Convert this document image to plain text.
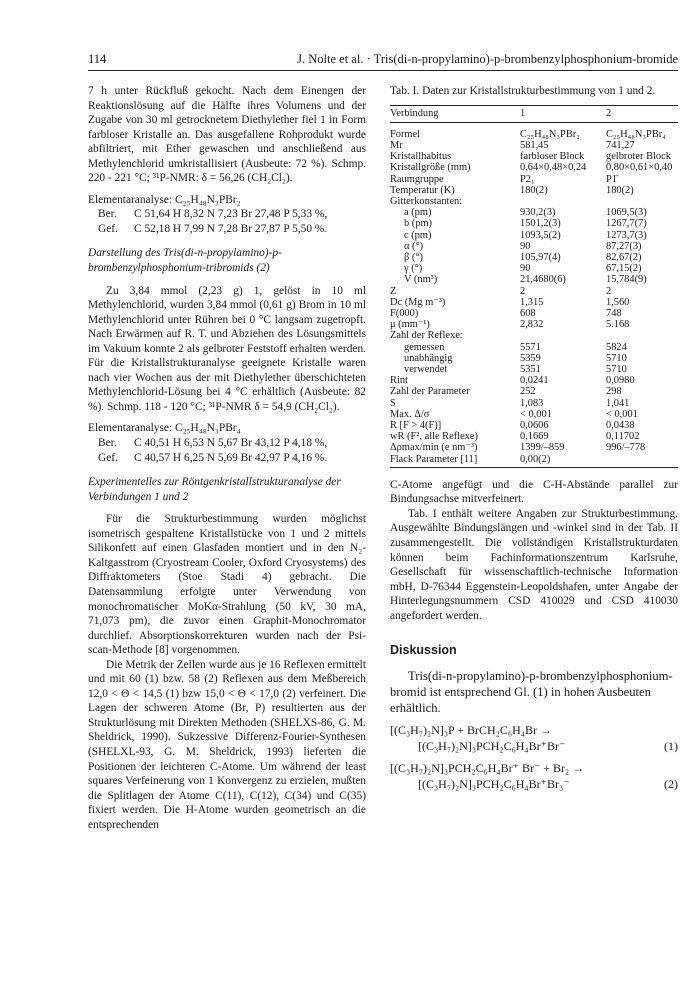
114	J. Nolte et al. · Tris(di-n-propylamino)-p-brombenzylphosphonium-bromide

7 h unter Rückfluß gekocht. Nach dem Einengen der Reaktionslösung auf die Hälfte ihres Volumens und der Zugabe von 30 ml getrocknetem Diethylether fiel 1 in Form farbloser Kristalle an. Das ausgefallene Rohprodukt wurde abfiltriert, mit Ether gewaschen und anschließend aus Methylenchlorid umkristallisiert (Ausbeute: 72 %). Schmp. 220 - 221 °C; ³¹P-NMR: δ = 56,26 (CH₂Cl₂).

Elementaranalyse: C₂₅H₄₈N₃PBr₂
Ber. C 51,64 H 8,32 N 7,23 Br 27,48 P 5,33 %,
Gef. C 52,18 H 7,99 N 7,28 Br 27,87 P 5,50 %.

Darstellung des Tris(di-n-propylamino)-p-brombenzylphosphonium-tribromids (2)

Zu 3,84 mmol (2,23 g) 1, gelöst in 10 ml Methylenchlorid, wurden 3,84 mmol (0,61 g) Brom in 10 ml Methylenchlorid unter Rühren bei 0 °C langsam zugetropft. Nach Erwärmen auf R. T. und Abziehen des Lösungsmittels im Vakuum konnte 2 als gelbroter Feststoff erhalten werden. Für die Kristallstrukturanalyse geeignete Kristalle waren nach vier Wochen aus der mit Diethylether überschichteten Methylenchlorid-Lösung bei 4 °C erhältlich (Ausbeute: 82 %). Schmp. 118 - 120 °C; ³¹P-NMR δ = 54,9 (CH₂Cl₂).

Elementaranalyse: C₂₅H₄₈N₃PBr₄
Ber. C 40,51 H 6,53 N 5,67 Br 43,12 P 4,18 %,
Gef. C 40,57 H 6,25 N 5,69 Br 42,97 P 4,16 %.

Experimentelles zur Röntgenkristallstrukturanalyse der Verbindungen 1 und 2

Für die Strukturbestimmung wurden möglichst isometrisch gespaltene Kristallstücke von 1 und 2 mittels Silikonfett auf einen Glasfaden montiert und in den N₂-Kaltgasstrom (Cryostream Cooler, Oxford Cryosystems) des Diffraktometers (Stoe Stadi 4) gebracht. Die Datensammlung erfolgte unter Verwendung von monochromatischer MoKα-Strahlung (50 kV, 30 mA, 71,073 pm), die zuvor einen Graphit-Monochromator durchlief. Absorptionskorrekturen wurden nach der Psi-scan-Methode [8] vorgenommen.

Die Metrik der Zellen wurde aus je 16 Reflexen ermittelt und mit 60 (1) bzw. 58 (2) Reflexen aus dem Meßbereich 12,0 < Θ < 14,5 (1) bzw 15,0 < Θ < 17,0 (2) verfeinert. Die Lagen der schweren Atome (Br, P) resultierten aus der Strukturlösung mit Direkten Methoden (SHELXS-86, G. M. Sheldrick, 1990). Sukzessive Differenz-Fourier-Synthesen (SHELXL-93, G. M. Sheldrick, 1993) lieferten die Positionen der leichteren C-Atome. Um während der least squares Verfeinerung von 1 Konvergenz zu erzielen, mußten die Splitlagen der Atome C(11), C(12), C(34) und C(35) fixiert werden. Die H-Atome wurden geometrisch an die entsprechenden

Tab. I. Daten zur Kristallstrukturbestimmung von 1 und 2.
Verbindung	1	2
Formel	C₂₅H₄₈N₃PBr₂	C₂₅H₄₈N₃PBr₄
Mr	581,45	741,27
Kristallhabitus	farbloser Block	gelbroter Block
Kristallgröße (mm)	0,64×0,48×0,24	0,80×0,61×0,40
Raumgruppe	P2₁	P1̄
Temperatur (K)	180(2)	180(2)
Gitterkonstanten:		
a (pm)	930,2(3)	1069,5(3)
b (pm)	1501,2(3)	1267,7(7)
c (pm)	1093,5(2)	1273,7(3)
α (°)	90	87,27(3)
β (°)	105,97(4)	82,67(2)
γ (°)	90	67,15(2)
V (nm³)	21,4680(6)	15,784(9)
Z	2	2
Dc (Mg m⁻³)	1,315	1,560
F(000)	608	748
μ (mm⁻¹)	2,832	5.168
Zahl der Reflexe:		
gemessen	5571	5824
unabhängig	5359	5710
verwendet	5351	5710
Rint	0,0241	0,0980
Zahl der Parameter	252	298
S	1,083	1,041
Max. Δ/σ	< 0,001	< 0,001
R [F > 4(F)]	0,0606	0,0438
wR (F², alle Reflexe)	0,1669	0,11702
Δρmax/min (e nm⁻³)	1399/–859	996/–778
Flack Parameter [11]	0,00(2)	

C-Atome angefügt und die C-H-Abstände parallel zur Bindungsachse mitverfeinert.

Tab. I enthält weitere Angaben zur Strukturbestimmung. Ausgewählte Bindungslängen und -winkel sind in der Tab. II zusammengestellt. Die vollständigen Kristallstrukturdaten können beim Fachinformationszentrum Karlsruhe, Gesellschaft für wissenschaftlich-technische Information mbH, D-76344 Eggenstein-Leopoldshafen, unter Angabe der Hinterlegungsnummern CSD 410029 und CSD 410030 angefordert werden.

Diskussion

Tris(di-n-propylamino)-p-brombenzylphosphonium-bromid ist entsprechend Gl. (1) in hohen Ausbeuten erhältlich.

[(C₃H₇)₂N]₃P + BrCH₂C₆H₄Br →
[(C₃H₇)₂N]₃PCH₂C₆H₄Br⁺Br⁻	(1)
[(C₃H₇)₂N]₃PCH₂C₆H₄Br⁺ Br⁻ + Br₂ →
[(C₃H₇)₂N]₃PCH₂C₆H₄Br⁺Br₃⁻	(2)
